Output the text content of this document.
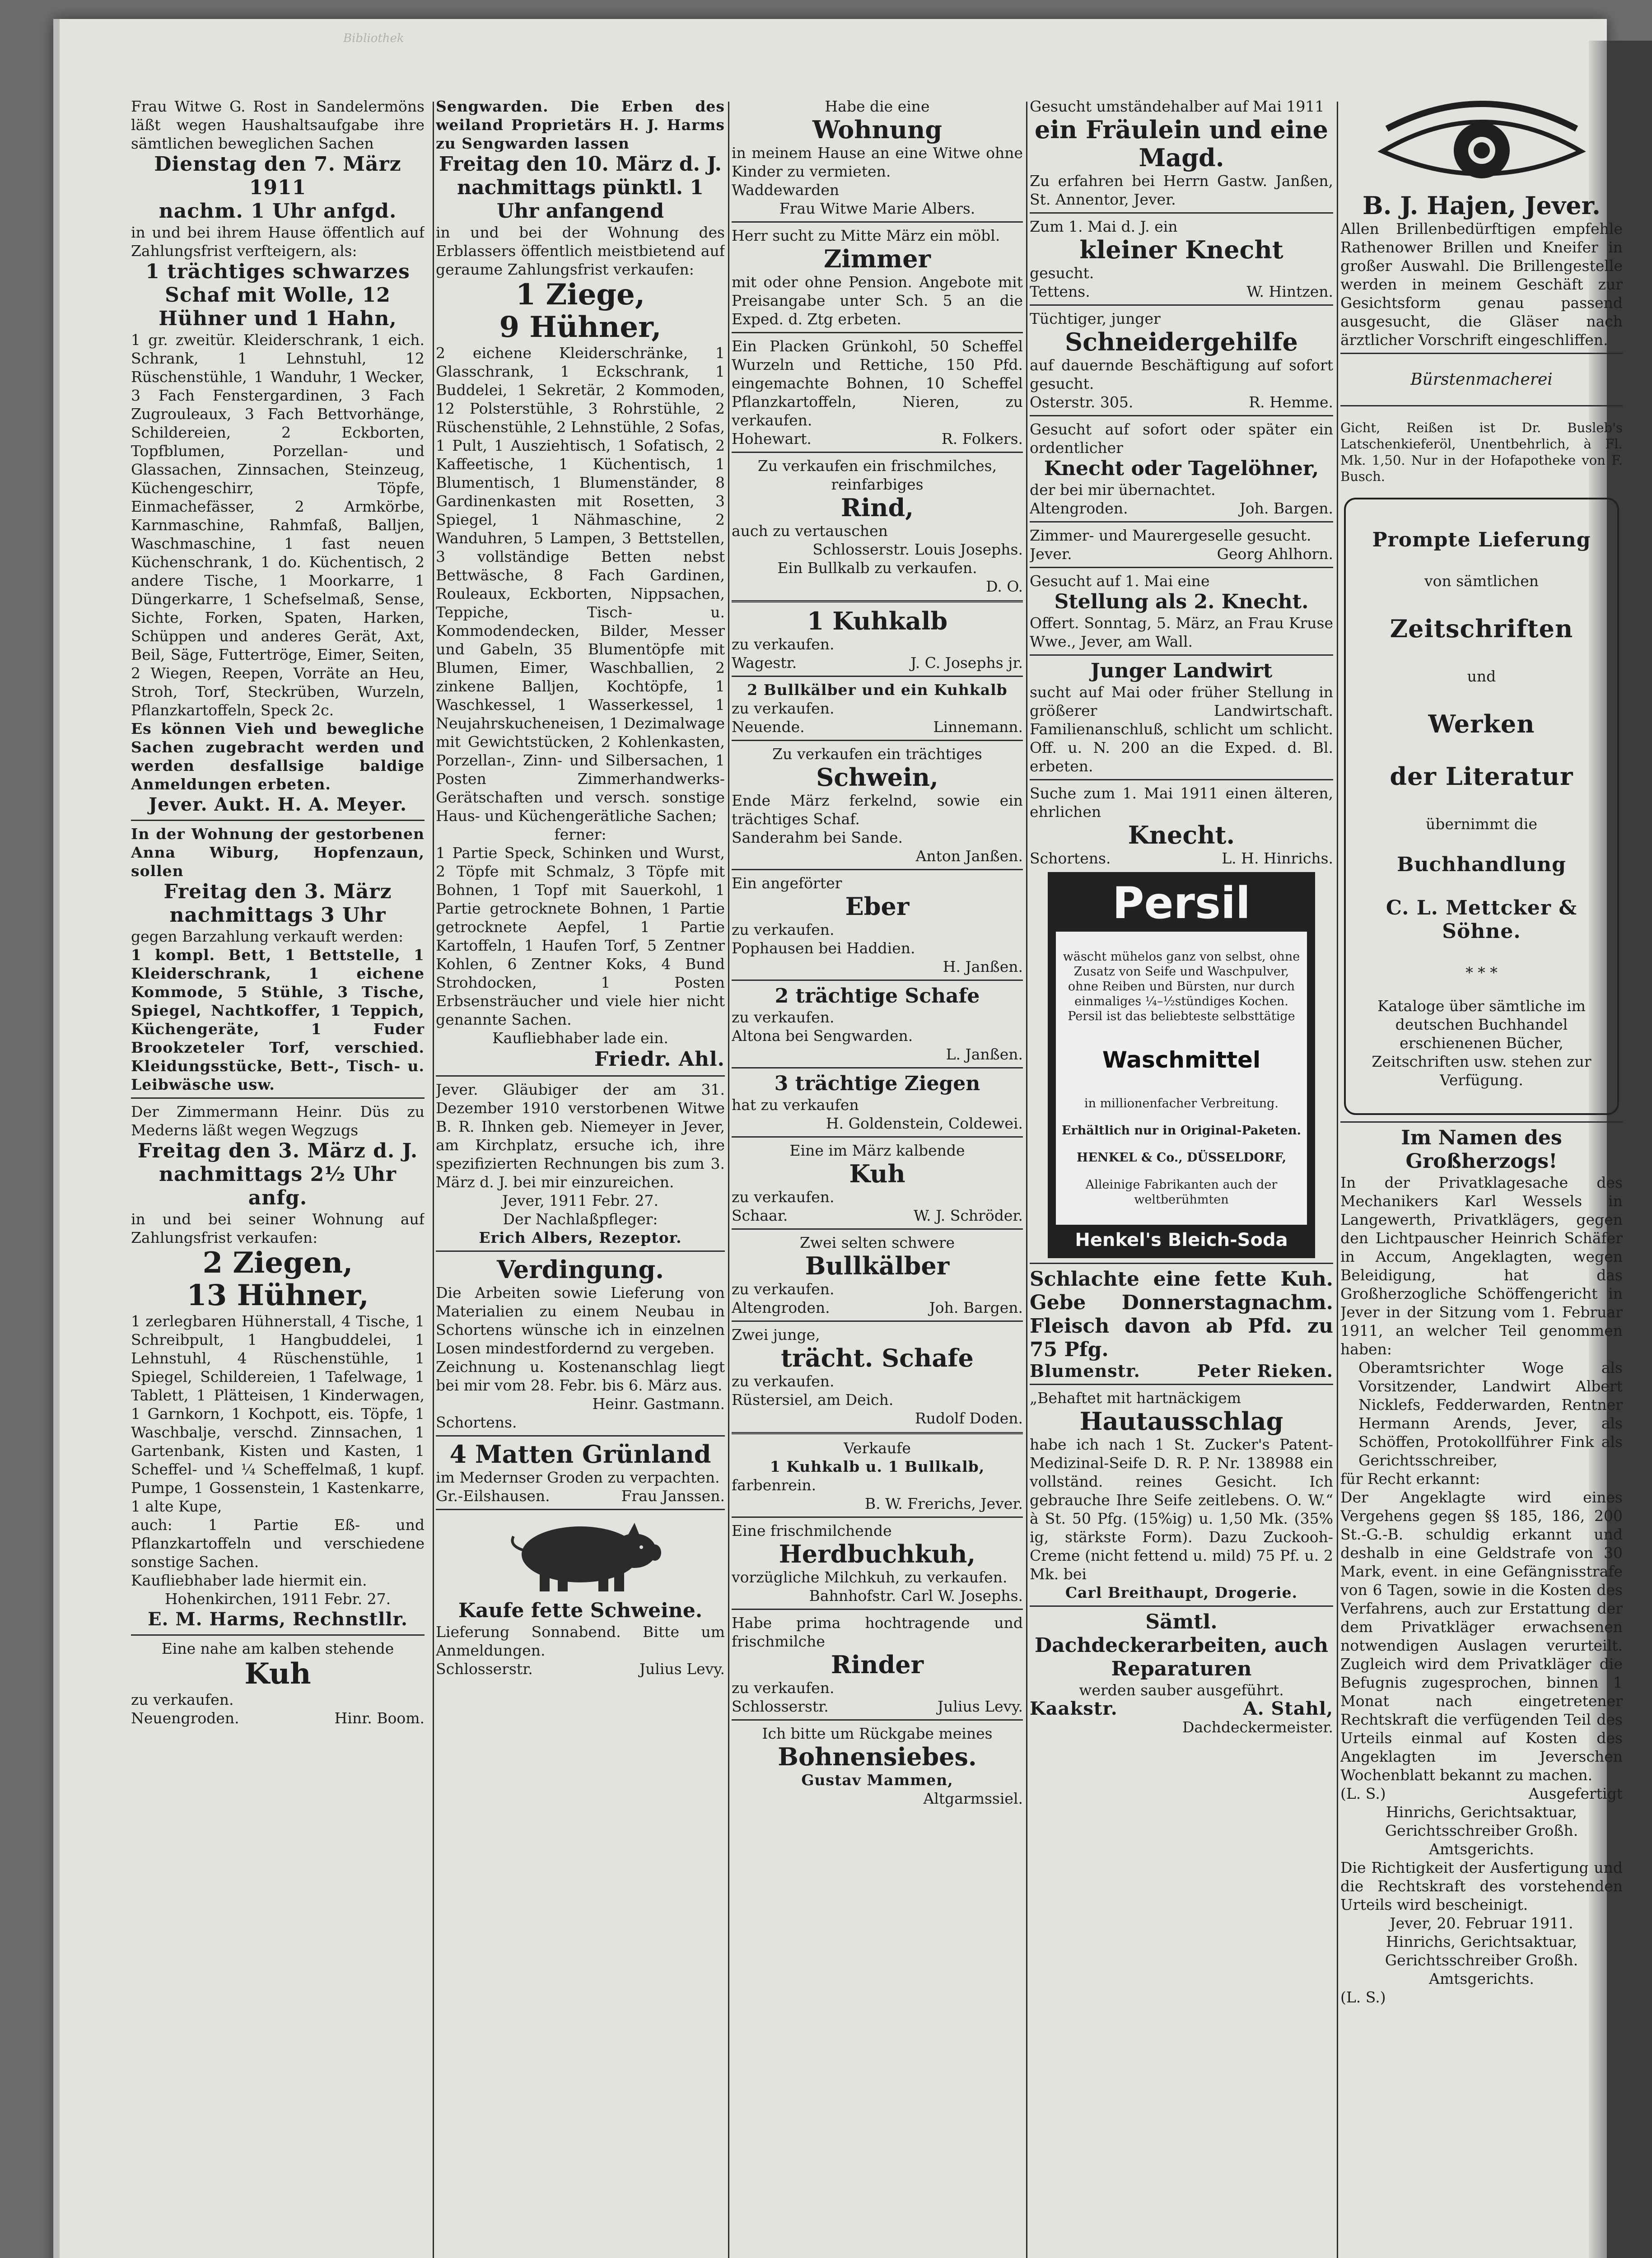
Bibliothek

Frau Witwe G. Rost in Sandelermöns läßt wegen Haushaltsaufgabe ihre sämtlichen beweglichen Sachen

Dienstag den 7. März 1911

nachm. 1 Uhr anfgd.

in und bei ihrem Hause öffentlich auf Zahlungsfrist verfteigern, als:

1 trächtiges schwarzes Schaf mit Wolle, 12 Hühner und 1 Hahn,

1 gr. zweitür. Kleiderschrank, 1 eich. Schrank, 1 Lehnstuhl, 12 Rüschenstühle, 1 Wanduhr, 1 Wecker, 3 Fach Fenstergardinen, 3 Fach Zugrouleaux, 3 Fach Bettvorhänge, Schildereien, 2 Eckborten, Topfblumen, Porzellan- und Glassachen, Zinnsachen, Steinzeug, Küchengeschirr, Töpfe, Einmachefässer, 2 Armkörbe, Karnmaschine, Rahmfaß, Balljen, Waschmaschine, 1 fast neuen Küchenschrank, 1 do. Küchentisch, 2 andere Tische, 1 Moorkarre, 1 Düngerkarre, 1 Schefselmaß, Sense, Sichte, Forken, Spaten, Harken, Schüppen und anderes Gerät, Axt, Beil, Säge, Futtertröge, Eimer, Seiten, 2 Wiegen, Reepen, Vorräte an Heu, Stroh, Torf, Steckrüben, Wurzeln, Pflanzkartoffeln, Speck 2c.

Es können Vieh und bewegliche Sachen zugebracht werden und werden desfallsige baldige Anmeldungen erbeten.

Jever. Aukt. H. A. Meyer.

In der Wohnung der gestorbenen Anna Wiburg, Hopfenzaun, sollen

Freitag den 3. März nachmittags 3 Uhr

gegen Barzahlung verkauft werden:

1 kompl. Bett, 1 Bettstelle, 1 Kleiderschrank, 1 eichene Kommode, 5 Stühle, 3 Tische, Spiegel, Nachtkoffer, 1 Teppich, Küchengeräte, 1 Fuder Brookzeteler Torf, verschied. Kleidungsstücke, Bett-, Tisch- u. Leibwäsche usw.

Der Zimmermann Heinr. Düs zu Mederns läßt wegen Wegzugs

Freitag den 3. März d. J. nachmittags 2½ Uhr anfg.

in und bei seiner Wohnung auf Zahlungsfrist verkaufen:

2 Ziegen,

13 Hühner,

1 zerlegbaren Hühnerstall, 4 Tische, 1 Schreibpult, 1 Hangbuddelei, 1 Lehnstuhl, 4 Rüschenstühle, 1 Spiegel, Schildereien, 1 Tafelwage, 1 Tablett, 1 Plätteisen, 1 Kinderwagen, 1 Garnkorn, 1 Kochpott, eis. Töpfe, 1 Waschbalje, verschd. Zinnsachen, 1 Gartenbank, Kisten und Kasten, 1 Scheffel- und ¼ Scheffelmaß, 1 kupf. Pumpe, 1 Gossenstein, 1 Kastenkarre, 1 alte Kupe,

auch: 1 Partie Eß- und Pflanzkartoffeln und verschiedene sonstige Sachen.

Kaufliebhaber lade hiermit ein.

Hohenkirchen, 1911 Febr. 27.

E. M. Harms, Rechnstllr.

Eine nahe am kalben stehende

Kuh

zu verkaufen.

Neuengroden.	Hinr. Boom.

Sengwarden. Die Erben des weiland Proprietärs H. J. Harms zu Sengwarden lassen

Freitag den 10. März d. J. nachmittags pünktl. 1 Uhr anfangend

in und bei der Wohnung des Erblassers öffentlich meistbietend auf geraume Zahlungsfrist verkaufen:

1 Ziege,

9 Hühner,

2 eichene Kleiderschränke, 1 Glasschrank, 1 Eckschrank, 1 Buddelei, 1 Sekretär, 2 Kommoden, 12 Polsterstühle, 3 Rohrstühle, 2 Rüschenstühle, 2 Lehnstühle, 2 Sofas, 1 Pult, 1 Ausziehtisch, 1 Sofatisch, 2 Kaffeetische, 1 Küchentisch, 1 Blumentisch, 1 Blumenständer, 8 Gardinenkasten mit Rosetten, 3 Spiegel, 1 Nähmaschine, 2 Wanduhren, 5 Lampen, 3 Bettstellen, 3 vollständige Betten nebst Bettwäsche, 8 Fach Gardinen, Rouleaux, Eckborten, Nippsachen, Teppiche, Tisch- u. Kommodendecken, Bilder, Messer und Gabeln, 35 Blumentöpfe mit Blumen, Eimer, Waschballien, 2 zinkene Balljen, Kochtöpfe, 1 Waschkessel, 1 Wasserkessel, 1 Neujahrskucheneisen, 1 Dezimalwage mit Gewichtstücken, 2 Kohlenkasten, Porzellan-, Zinn- und Silbersachen, 1 Posten Zimmerhandwerks-Gerätschaften und versch. sonstige Haus- und Küchengerätliche Sachen;

ferner:

1 Partie Speck, Schinken und Wurst, 2 Töpfe mit Schmalz, 3 Töpfe mit Bohnen, 1 Topf mit Sauerkohl, 1 Partie getrocknete Bohnen, 1 Partie getrocknete Aepfel, 1 Partie Kartoffeln, 1 Haufen Torf, 5 Zentner Kohlen, 6 Zentner Koks, 4 Bund Strohdocken, 1 Posten Erbsensträucher und viele hier nicht genannte Sachen.

Kaufliebhaber lade ein.

Friedr. Ahl.

Jever. Gläubiger der am 31. Dezember 1910 verstorbenen Witwe B. R. Ihnken geb. Niemeyer in Jever, am Kirchplatz, ersuche ich, ihre spezifizierten Rechnungen bis zum 3. März d. J. bei mir einzureichen.

Jever, 1911 Febr. 27.

Der Nachlaßpfleger:

Erich Albers, Rezeptor.

Verdingung.

Die Arbeiten sowie Lieferung von Materialien zu einem Neubau in Schortens wünsche ich in einzelnen Losen mindestfordernd zu vergeben.

Zeichnung u. Kostenanschlag liegt bei mir vom 28. Febr. bis 6. März aus.

Heinr. Gastmann.

Schortens.

4 Matten Grünland

im Medernser Groden zu verpachten.

Gr.-Eilshausen.	Frau Janssen.

Kaufe fette Schweine.

Lieferung Sonnabend. Bitte um Anmeldungen.

Schlosserstr.	Julius Levy.

Habe die eine

Wohnung

in meinem Hause an eine Witwe ohne Kinder zu vermieten.

Waddewarden

Frau Witwe Marie Albers.

Herr sucht zu Mitte März ein möbl.

Zimmer

mit oder ohne Pension. Angebote mit Preisangabe unter Sch. 5 an die Exped. d. Ztg erbeten.

Ein Placken Grünkohl, 50 Scheffel Wurzeln und Rettiche, 150 Pfd. eingemachte Bohnen, 10 Scheffel Pflanzkartoffeln, Nieren, zu verkaufen.

Hohewart.	R. Folkers.

Zu verkaufen ein frischmilches, reinfarbiges

Rind,

auch zu vertauschen

Schlosserstr. Louis Josephs.

Ein Bullkalb zu verkaufen.

D. O.

1 Kuhkalb

zu verkaufen.

Wagestr.	J. C. Josephs jr.

2 Bullkälber und ein Kuhkalb

zu verkaufen.

Neuende.	Linnemann.

Zu verkaufen ein trächtiges

Schwein,

Ende März ferkelnd, sowie ein trächtiges Schaf.

Sanderahm bei Sande.

Anton Janßen.

Ein angeförter

Eber

zu verkaufen.

Pophausen bei Haddien.

H. Janßen.

2 trächtige Schafe

zu verkaufen.

Altona bei Sengwarden.

L. Janßen.

3 trächtige Ziegen

hat zu verkaufen

H. Goldenstein, Coldewei.

Eine im März kalbende

Kuh

zu verkaufen.

Schaar.	W. J. Schröder.

Zwei selten schwere

Bullkälber

zu verkaufen.

Altengroden.	Joh. Bargen.

Zwei junge,

trächt. Schafe

zu verkaufen.

Rüstersiel, am Deich.

Rudolf Doden.

Verkaufe

1 Kuhkalb u. 1 Bullkalb,

farbenrein.

B. W. Frerichs, Jever.

Eine frischmilchende

Herdbuchkuh,

vorzügliche Milchkuh, zu verkaufen.

Bahnhofstr. Carl W. Josephs.

Habe prima hochtragende und frischmilche

Rinder

zu verkaufen.

Schlosserstr.	Julius Levy.

Ich bitte um Rückgabe meines

Bohnensiebes.

Gustav Mammen,

Altgarmssiel.

Gesucht umständehalber auf Mai 1911

ein Fräulein und eine Magd.

Zu erfahren bei Herrn Gastw. Janßen, St. Annentor, Jever.

Zum 1. Mai d. J. ein

kleiner Knecht

gesucht.

Tettens.	W. Hintzen.

Tüchtiger, junger

Schneidergehilfe

auf dauernde Beschäftigung auf sofort gesucht.

Osterstr. 305.	R. Hemme.

Gesucht auf sofort oder später ein ordentlicher

Knecht oder Tagelöhner,

der bei mir übernachtet.

Altengroden.	Joh. Bargen.

Zimmer- und Maurergeselle gesucht.

Jever.	Georg Ahlhorn.

Gesucht auf 1. Mai eine

Stellung als 2. Knecht.

Offert. Sonntag, 5. März, an Frau Kruse Wwe., Jever, am Wall.

Junger Landwirt

sucht auf Mai oder früher Stellung in größerer Landwirtschaft. Familienanschluß, schlicht um schlicht. Off. u. N. 200 an die Exped. d. Bl. erbeten.

Suche zum 1. Mai 1911 einen älteren, ehrlichen

Knecht.

Schortens.	L. H. Hinrichs.
Persil

wäscht mühelos ganz von selbst, ohne Zusatz von Seife und Waschpulver, ohne Reiben und Bürsten, nur durch einmaliges ¼–½stündiges Kochen. Persil ist das beliebteste selbsttätige

Waschmittel

in millionenfacher Verbreitung.

Erhältlich nur in Original-Paketen.

HENKEL & Co., DÜSSELDORF,

Alleinige Fabrikanten auch der weltberühmten

Henkel's Bleich-Soda

Schlachte eine fette Kuh. Gebe Donnerstagnachm. Fleisch davon ab Pfd. zu 75 Pfg.

Blumenstr.	Peter Rieken.

„Behaftet mit hartnäckigem

Hautausschlag

habe ich nach 1 St. Zucker's Patent-Medizinal-Seife D. R. P. Nr. 138988 ein vollständ. reines Gesicht. Ich gebrauche Ihre Seife zeitlebens. O. W.“ à St. 50 Pfg. (15%ig) u. 1,50 Mk. (35% ig, stärkste Form). Dazu Zuckooh-Creme (nicht fettend u. mild) 75 Pf. u. 2 Mk. bei

Carl Breithaupt, Drogerie.

Sämtl. Dachdeckerarbeiten, auch Reparaturen

werden sauber ausgeführt.

Kaakstr.	A. Stahl,

Dachdeckermeister.

B. J. Hajen, Jever.

Allen Brillenbedürftigen empfehle Rathenower Brillen und Kneifer in großer Auswahl. Die Brillengestelle werden in meinem Geschäft zur Gesichtsform genau passend ausgesucht, die Gläser nach ärztlicher Vorschrift eingeschliffen.

Bürstenmacherei

Gicht, Reißen ist Dr. Busleb's Latschenkieferöl, Unentbehrlich, à Fl. Mk. 1,50. Nur in der Hofapotheke von F. Busch.

Prompte Lieferung

von sämtlichen

Zeitschriften

und

Werken

der Literatur

übernimmt die

Buchhandlung

C. L. Mettcker & Söhne.

* * *

Kataloge über sämtliche im deutschen Buchhandel erschienenen Bücher, Zeitschriften usw. stehen zur Verfügung.

Im Namen des Großherzogs!

In der Privatklagesache des Mechanikers Karl Wessels in Langewerth, Privatklägers, gegen den Lichtpauscher Heinrich Schäfer in Accum, Angeklagten, wegen Beleidigung, hat das Großherzogliche Schöffengericht in Jever in der Sitzung vom 1. Februar 1911, an welcher Teil genommen haben:

Oberamtsrichter Woge als Vorsitzender, Landwirt Albert Nicklefs, Fedderwarden, Rentner Hermann Arends, Jever, als Schöffen, Protokollführer Fink als Gerichtsschreiber,

für Recht erkannt:

Der Angeklagte wird eines Vergehens gegen §§ 185, 186, 200 St.-G.-B. schuldig erkannt und deshalb in eine Geldstrafe von 30 Mark, event. in eine Gefängnisstrafe von 6 Tagen, sowie in die Kosten des Verfahrens, auch zur Erstattung der dem Privatkläger erwachsenen notwendigen Auslagen verurteilt. Zugleich wird dem Privatkläger die Befugnis zugesprochen, binnen 1 Monat nach eingetretener Rechtskraft die verfügenden Teil des Urteils einmal auf Kosten des Angeklagten im Jeverschen Wochenblatt bekannt zu machen.

(L. S.)	Ausgefertigt

Hinrichs, Gerichtsaktuar, Gerichtsschreiber Großh. Amtsgerichts.

Die Richtigkeit der Ausfertigung und die Rechtskraft des vorstehenden Urteils wird bescheinigt.

Jever, 20. Februar 1911.

Hinrichs, Gerichtsaktuar, Gerichtsschreiber Großh. Amtsgerichts.

(L. S.)
